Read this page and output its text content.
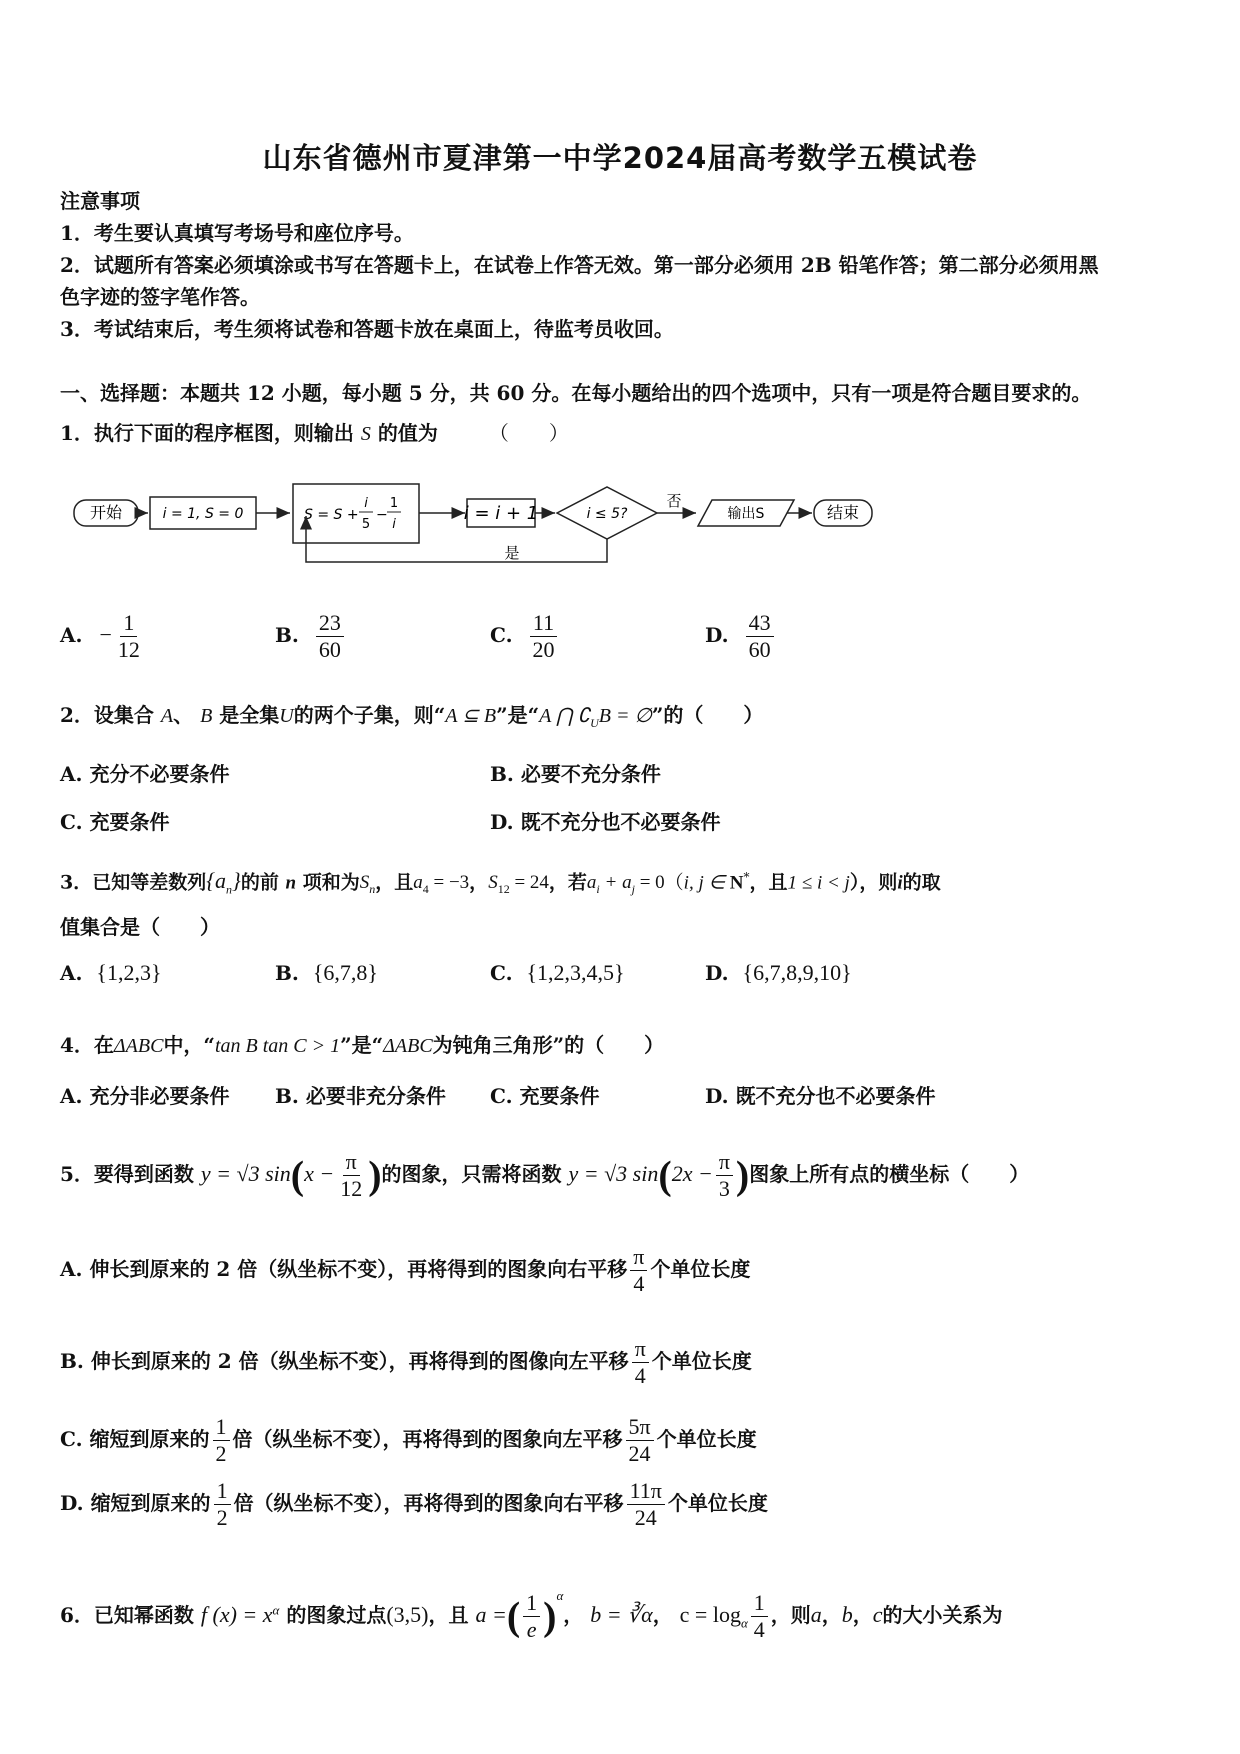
山东省德州市夏津第一中学2024届高考数学五模试卷
注意事项
1．考生要认真填写考场号和座位序号。
2．试题所有答案必须填涂或书写在答题卡上，在试卷上作答无效。第一部分必须用 2B 铅笔作答；第二部分必须用黑
色字迹的签字笔作答。
3．考试结束后，考生须将试卷和答题卡放在桌面上，待监考员收回。
一、选择题：本题共 12 小题，每小题 5 分，共 60 分。在每小题给出的四个选项中，只有一项是符合题目要求的。
1．执行下面的程序框图，则输出 S 的值为	（　　）
开始	i = 1, S = 0	S = S +
i
5
−
1
i
i = i + 1	i ≤ 5?
否
输出S	结束
是
A. − $\frac{1}{12}$	B. $\frac{23}{60}$	C. $\frac{11}{20}$	D. $\frac{43}{60}$
2．设集合 A、 B 是全集U的两个子集，则“A ⊆ B”是“A ⋂ $∁_UB$ = ∅”的（　　）
A. 充分不必要条件	B. 必要不充分条件
C. 充要条件	D. 既不充分也不必要条件
3．已知等差数列$\{a_n\}$的前 n 项和为$S_n$，且$a_4 = -3$，$S_{12} = 24$，若$a_i + a_j = 0(i$, j ∈ N*，且1 ≤ i < j），则i的取
值集合是（　　）
A. {1,2,3}	B. {6,7,8}	C. {1,2,3,4,5}	D. {6,7,8,9,10}
4．在ΔABC中，“tan B tan C > 1”是“ΔABC为钝角三角形”的（　　）
A. 充分非必要条件 B. 必要非充分条件 C. 充要条件	D. 既不充分也不必要条件
5．要得到函数 y = √3 $\sin(x - \frac{\pi}{12}$ )的图象，只需将函数 y = √3 $\sin(2x - \frac{\pi}{3}$ )图象上所有点的横坐标（　　）
A. 伸长到原来的 2 倍（纵坐标不变），再将得到的图象向右平移 $\frac{\pi}{4}$ 个单位长度
B. 伸长到原来的 2 倍（纵坐标不变），再将得到的图像向左平移 $\frac{\pi}{4}$ 个单位长度
C. 缩短到原来的 $\frac{1}{2}$ 倍（纵坐标不变），再将得到的图象向左平移 $\frac{5\pi}{24}$ 个单位长度
D. 缩短到原来的 $\frac{1}{2}$ 倍（纵坐标不变），再将得到的图象向右平移 $\frac{11\pi}{24}$ 个单位长度
6．已知幂函数 f $(x) = x^\alpha$ 的图象过点(3,5)，且 a =( $\frac{1}{e} )^\alpha$， b = ∛α， $c = \log_\alpha \frac{1}{4}$ ，则a，b，c的大小关系为
